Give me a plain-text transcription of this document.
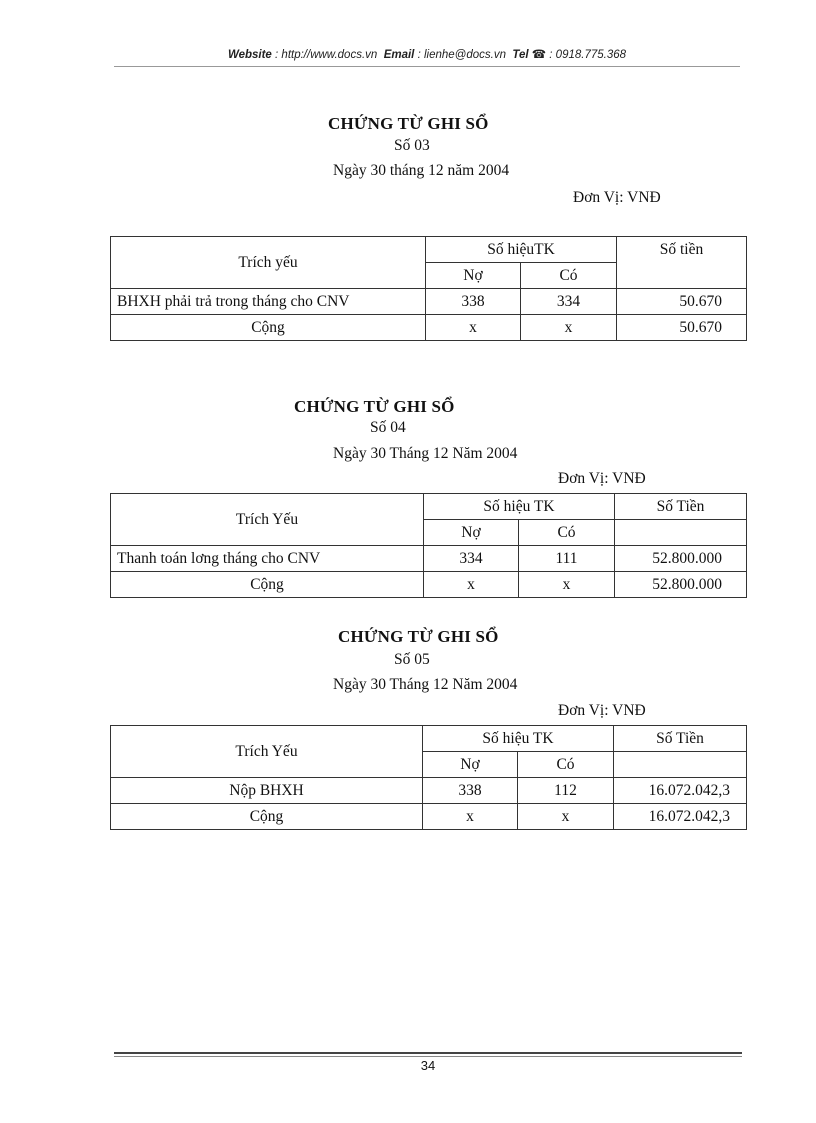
Website : http://www.docs.vn Email : lienhe@docs.vn Tel ☎ : 0918.775.368
CHỨNG TỪ GHI SỔ
Số 03
Ngày 30 tháng 12 năm 2004
Đơn Vị: VNĐ
Trích yếu	Số hiệuTK		Số tiền
	Nợ	Có	
BHXH phải trả trong tháng cho CNV	338	334	50.670
Cộng	x	x	50.670
CHỨNG TỪ GHI SỔ
Số 04
Ngày 30 Tháng 12 Năm 2004
Đơn Vị: VNĐ
Trích Yếu	Số hiệu TK		Số Tiền
	Nợ	Có	
Thanh toán lơng tháng cho CNV	334	111	52.800.000
Cộng	x	x	52.800.000
CHỨNG TỪ GHI SỔ
Số 05
Ngày 30 Tháng 12 Năm 2004
Đơn Vị: VNĐ
Trích Yếu	Số hiệu TK		Số Tiền
	Nợ	Có	
Nộp BHXH	338	112	16.072.042,3
Cộng	x	x	16.072.042,3
34
